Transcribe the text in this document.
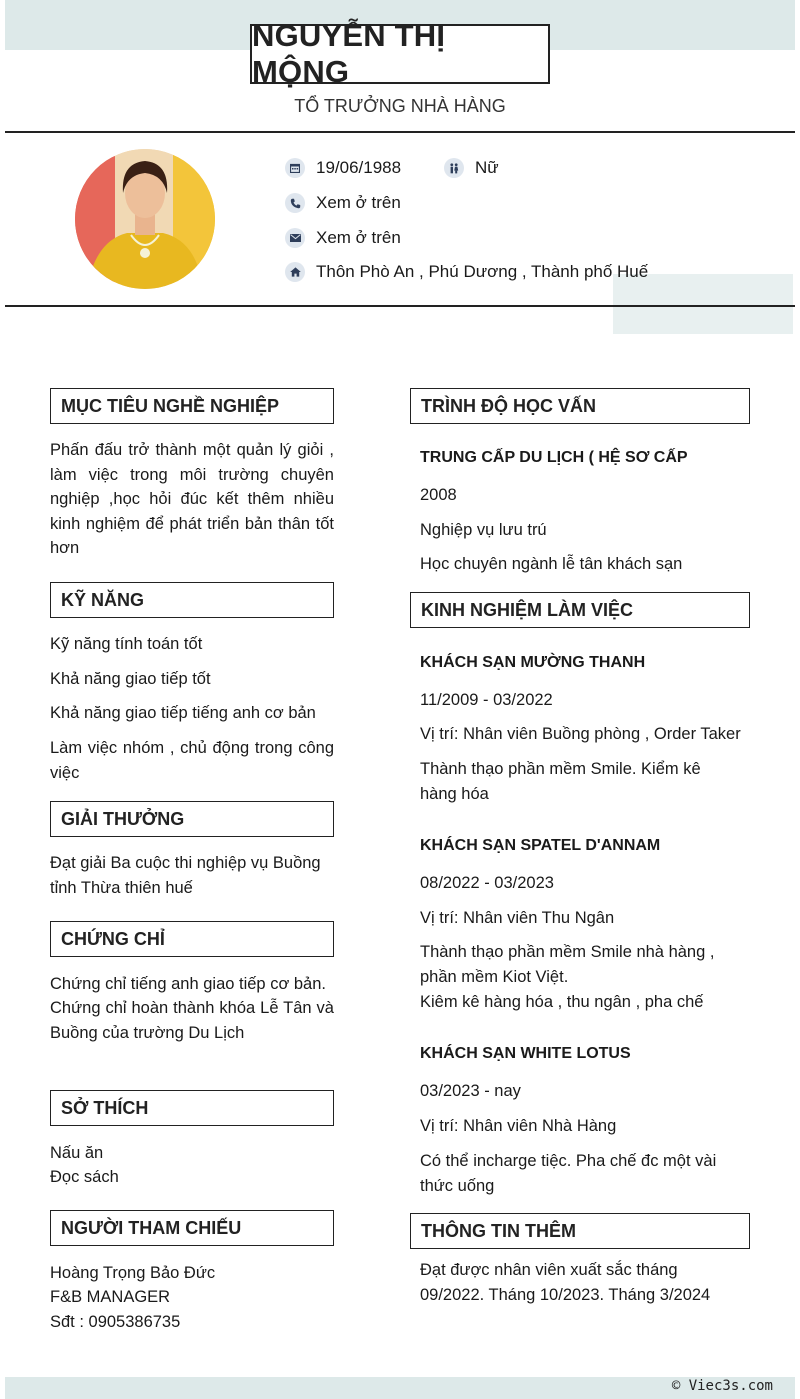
NGUYỄN THỊ MỘNG
TỔ TRƯỞNG NHÀ HÀNG
19/06/1988	Nữ
Xem ở trên
Xem ở trên
Thôn Phò An , Phú Dương , Thành phố Huế
MỤC TIÊU NGHỀ NGHIỆP
Phấn đấu trở thành một quản lý giỏi , làm việc trong môi trường chuyên nghiệp ,học hỏi đúc kết thêm nhiều kinh nghiệm để phát triển bản thân tốt hơn
KỸ NĂNG
Kỹ năng tính toán tốt
Khả năng giao tiếp tốt
Khả năng giao tiếp tiếng anh cơ bản
Làm việc nhóm , chủ động trong công việc
GIẢI THƯỞNG
Đạt giải Ba cuộc thi nghiệp vụ Buồng tỉnh Thừa thiên huế
CHỨNG CHỈ
Chứng chỉ tiếng anh giao tiếp cơ bản.
Chứng chỉ hoàn thành khóa Lễ Tân và Buồng của trường Du Lịch
SỞ THÍCH
Nấu ăn
Đọc sách
NGƯỜI THAM CHIẾU
Hoàng Trọng Bảo Đức
F&B MANAGER
Sđt : 0905386735
TRÌNH ĐỘ HỌC VẤN
TRUNG CẤP DU LỊCH ( HỆ SƠ CẤP
2008
Nghiệp vụ lưu trú
Học chuyên ngành lễ tân khách sạn
KINH NGHIỆM LÀM VIỆC
KHÁCH SẠN MƯỜNG THANH
11/2009 - 03/2022
Vị trí: Nhân viên Buồng phòng , Order Taker
Thành thạo phần mềm Smile. Kiểm kê hàng hóa
KHÁCH SẠN SPATEL D'ANNAM
08/2022 - 03/2023
Vị trí: Nhân viên Thu Ngân
Thành thạo phần mềm Smile nhà hàng , phần mềm Kiot Việt.
Kiêm kê hàng hóa , thu ngân , pha chế
KHÁCH SẠN WHITE LOTUS
03/2023 - nay
Vị trí: Nhân viên Nhà Hàng
Có thể incharge tiệc. Pha chế đc một vài thức uống
THÔNG TIN THÊM
Đạt được nhân viên xuất sắc tháng 09/2022. Tháng 10/2023. Tháng 3/2024
© Viec3s.com
